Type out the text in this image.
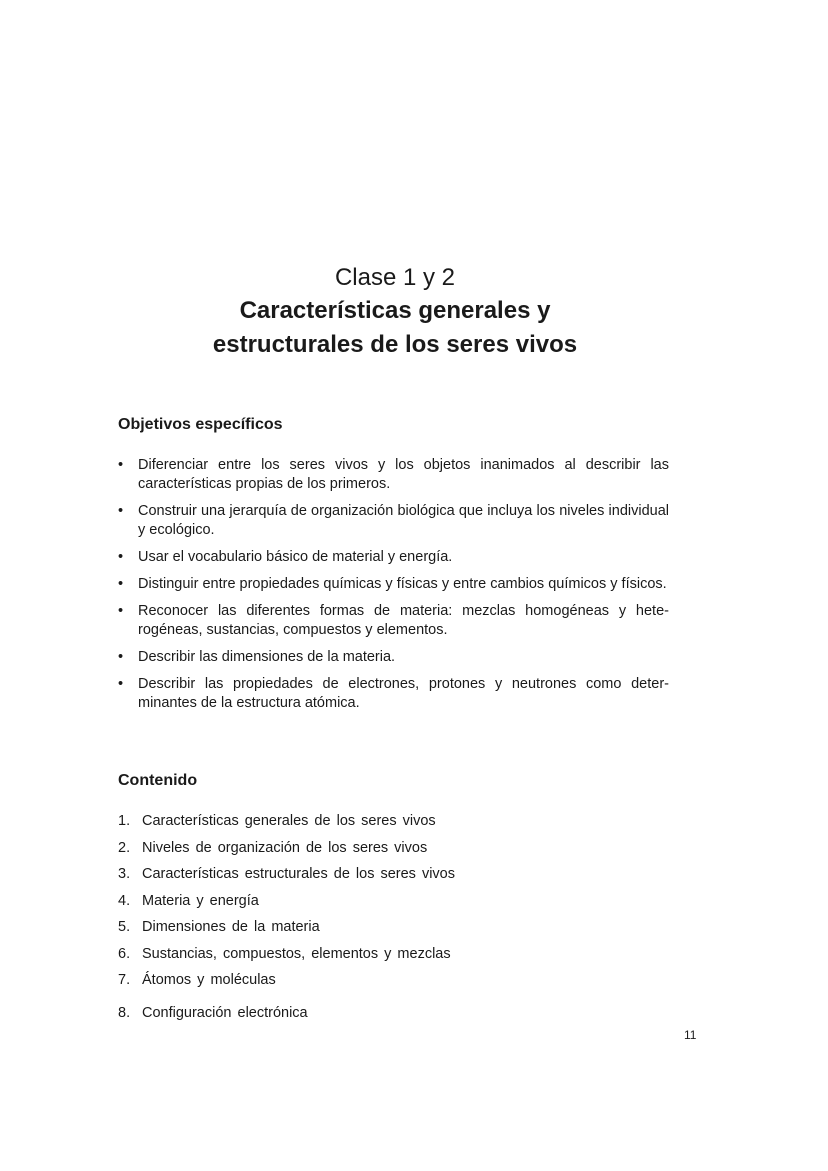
Clase 1 y 2
Características generales y
estructurales de los seres vivos
Objetivos específicos
• Diferenciar entre los seres vivos y los objetos inanimados al describir las características propias de los primeros.
• Construir una jerarquía de organización biológica que incluya los niveles individual y ecológico.
• Usar el vocabulario básico de material y energía.
• Distinguir entre propiedades químicas y físicas y entre cambios químicos y físicos.
• Reconocer las diferentes formas de materia: mezclas homogéneas y heterogéneas, sustancias, compuestos y elementos.
• Describir las dimensiones de la materia.
• Describir las propiedades de electrones, protones y neutrones como determinantes de la estructura atómica.
Contenido
1. Características generales de los seres vivos
2. Niveles de organización de los seres vivos
3. Características estructurales de los seres vivos
4. Materia y energía
5. Dimensiones de la materia
6. Sustancias, compuestos, elementos y mezclas
7. Átomos y moléculas
8. Configuración electrónica
11
